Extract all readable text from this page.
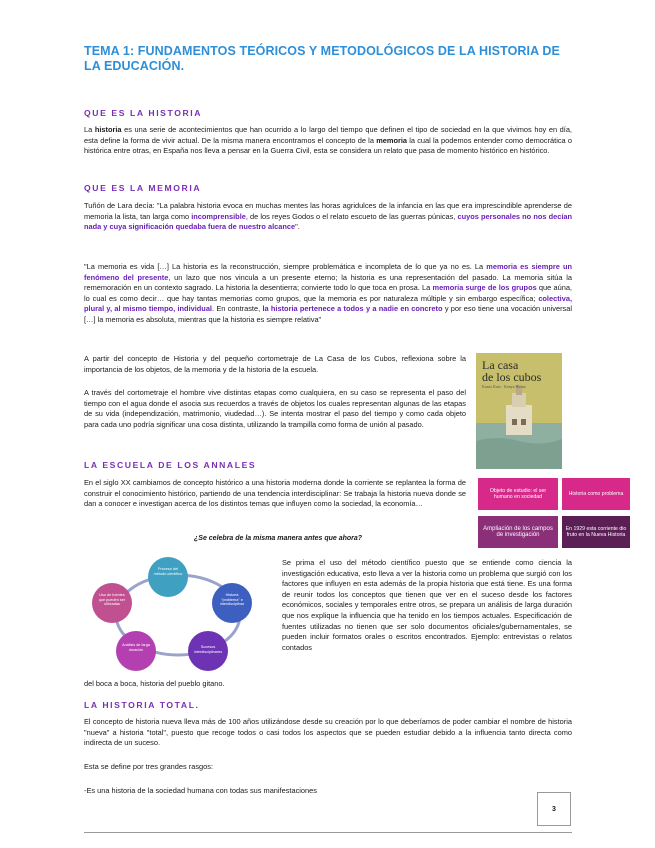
TEMA 1: FUNDAMENTOS TEÓRICOS Y METODOLÓGICOS DE LA HISTORIA DE LA EDUCACIÓN.
QUE ES LA HISTORIA
La historia es una serie de acontecimientos que han ocurrido a lo largo del tiempo que definen el tipo de sociedad en la que vivimos hoy en día, esta define la forma de vivir actual. De la misma manera encontramos el concepto de la memoria la cual la podemos entender como democrática o histórica entre otras, en España nos lleva a pensar en la Guerra Civil, esta se considera un relato que pasa de momento histórico en histórico.
QUE ES LA MEMORIA
Tuñón de Lara decía: "La palabra historia evoca en muchas mentes las horas agridulces de la infancia en las que era imprescindible aprenderse de memoria la lista, tan larga como incomprensible, de los reyes Godos o el relato escueto de las guerras púnicas, cuyos personales no nos decían nada y cuya significación quedaba fuera de nuestro alcance".
"La memoria es vida […] La historia es la reconstrucción, siempre problemática e incompleta de lo que ya no es. La memoria es siempre un fenómeno del presente, un lazo que nos vincula a un presente eterno; la historia es una representación del pasado. La memoria sitúa la rememoración en un contexto sagrado. La historia la desentierra; convierte todo lo que toca en prosa. La memoria surge de los grupos que aúna, lo cual es como decir… que hay tantas memorias como grupos, que la memoria es por naturaleza múltiple y sin embargo específica; colectiva, plural y, al mismo tiempo, individual. En contraste, la historia pertenece a todos y a nadie en concreto y por eso tiene una vocación universal […] la memoria es absoluta, mientras que la historia es siempre relativa"
A partir del concepto de Historia y del pequeño cortometraje de La Casa de los Cubos, reflexiona sobre la importancia de los objetos, de la memoria y de la historia de la escuela.
A través del cortometraje el hombre vive distintas etapas como cualquiera, en su caso se representa el paso del tiempo con el agua donde el asocia sus recuerdos a través de objetos los cuales representan algunas de las etapas de su vida (independización, matrimonio, viudedad…). Se intenta mostrar el paso del tiempo y como cada objeto para cada uno podría significar una cosa distinta, utilizando la trampilla como forma de unión al pasado.
La casa
de los cubos
Kunio Kato · Kenya Hirata
LA ESCUELA DE LOS ANNALES
En el siglo XX cambiamos de concepto histórico a una historia moderna donde la corriente se replantea la forma de construir el conocimiento histórico, partiendo de una tendencia interdisciplinar: Se trabaja la historia nueva donde se dan a conocer e investigan acerca de los distintos temas que influyen como la sociedad, la economía…
Objeto de estudio: el ser humano en sociedad
Historia como problema
Ampliación de los campos de investigación
En 1929 esta corriente dio fruto en la Nueva Historia
¿Se celebra de la misma manera antes que ahora?
Proceso del método científico
Historia "problema" e interdisciplinar
Sucesos interdisciplinares
Análisis de larga duración
Uso de fuentes que pueden ser utilizadas
Se prima el uso del método científico puesto que se entiende como ciencia la investigación educativa, esto lleva a ver la historia como un problema que surgió con los factores que influyen en esta además de la propia historia que está tiene. Es una forma de reunir todos los conceptos que tienen que ver en el suceso desde los factores económicos, sociales y temporales entre otros, se prepara un análisis de larga duración que nos explique la influencia que ha tenido en los tiempos actuales. Especificación de fuentes utilizadas no tienen que ser solo documentos oficiales/gubernamentales, se pueden incluir formatos orales o escritos encontrados. Ejemplo: entrevistas o relatos contados
del boca a boca, historia del pueblo gitano.
LA HISTORIA TOTAL.
El concepto de historia nueva lleva más de 100 años utilizándose desde su creación por lo que deberíamos de poder cambiar el nombre de historia "nueva" a historia "total", puesto que recoge todos o casi todos los aspectos que se pueden estudiar debido a la influencia tanto directa como indirecta de un suceso.
Esta se define por tres grandes rasgos:
-Es una historia de la sociedad humana con todas sus manifestaciones
3
